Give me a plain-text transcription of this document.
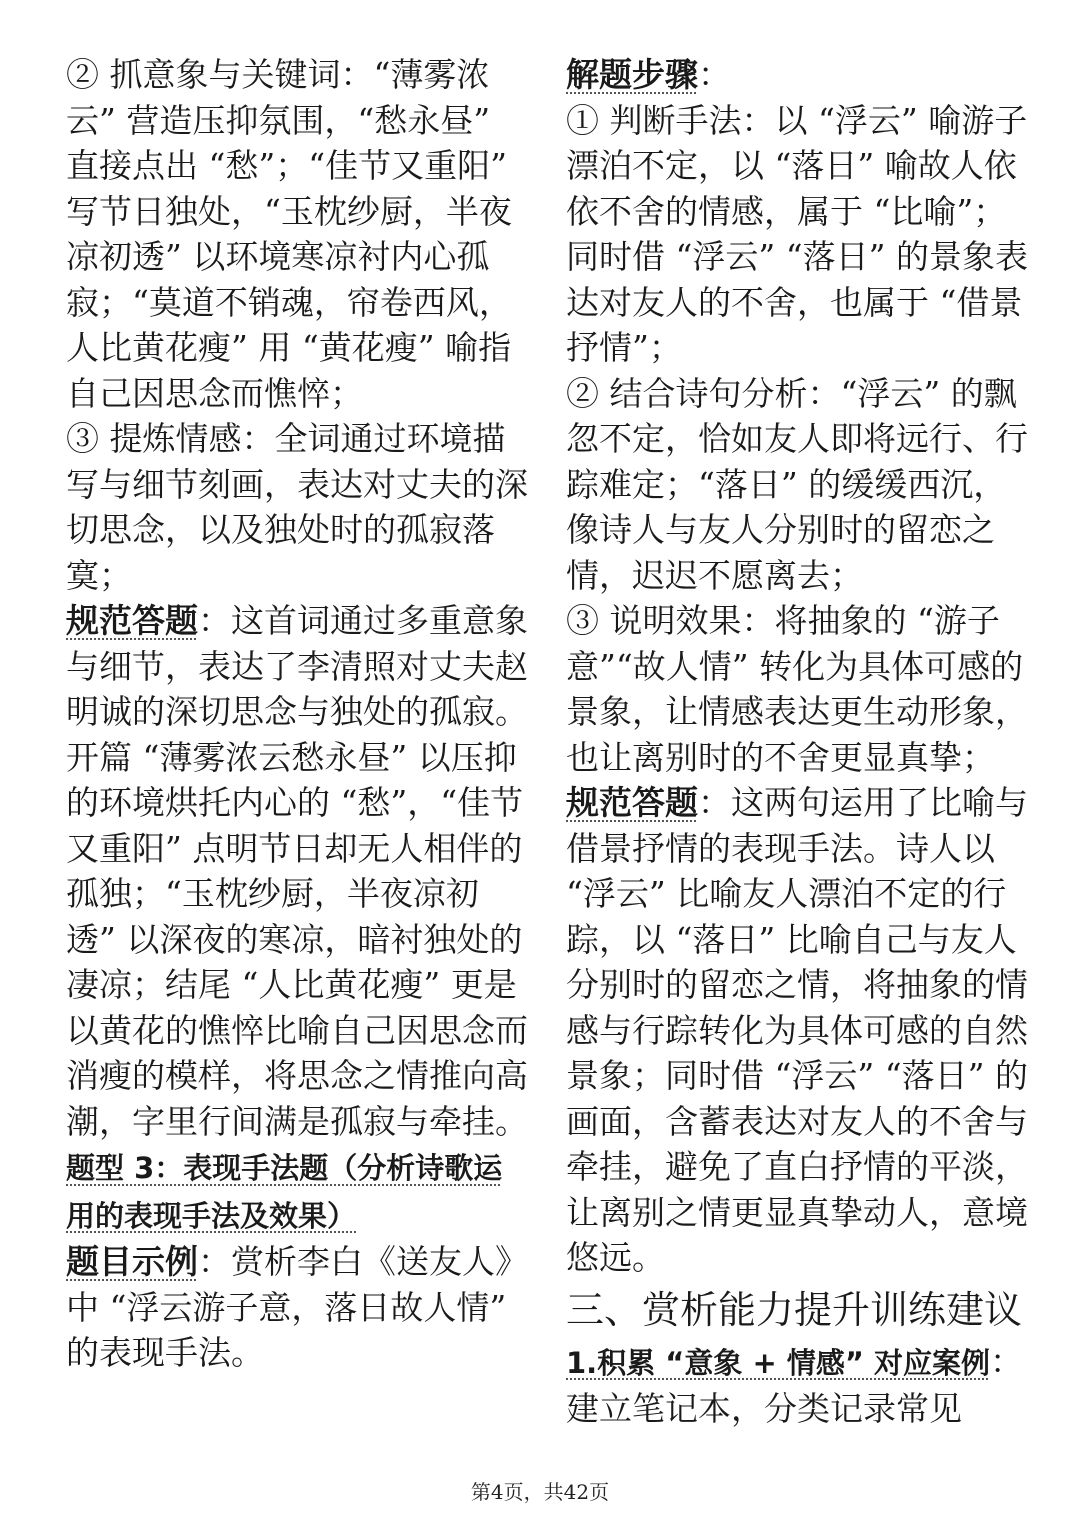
② 抓意象与关键词：“薄雾浓云” 营造压抑氛围，“愁永昼” 直接点出 “愁”；“佳节又重阳” 写节日独处，“玉枕纱厨，半夜凉初透” 以环境寒凉衬内心孤寂；“莫道不销魂，帘卷西风，人比黄花瘦” 用 “黄花瘦” 喻指自己因思念而憔悴；

③ 提炼情感：全词通过环境描写与细节刻画，表达对丈夫的深切思念，以及独处时的孤寂落寞；

规范答题：这首词通过多重意象与细节，表达了李清照对丈夫赵明诚的深切思念与独处的孤寂。开篇 “薄雾浓云愁永昼” 以压抑的环境烘托内心的 “愁”，“佳节又重阳” 点明节日却无人相伴的孤独；“玉枕纱厨，半夜凉初透” 以深夜的寒凉，暗衬独处的凄凉；结尾 “人比黄花瘦” 更是以黄花的憔悴比喻自己因思念而消瘦的模样，将思念之情推向高潮，字里行间满是孤寂与牵挂。

题型 3：表现手法题（分析诗歌运用的表现手法及效果）

题目示例：赏析李白《送友人》中 “浮云游子意，落日故人情” 的表现手法。

解题步骤：

① 判断手法：以 “浮云” 喻游子漂泊不定，以 “落日” 喻故人依依不舍的情感，属于 “比喻”；同时借 “浮云” “落日” 的景象表达对友人的不舍，也属于 “借景抒情”；

② 结合诗句分析：“浮云” 的飘忽不定，恰如友人即将远行、行踪难定；“落日” 的缓缓西沉，像诗人与友人分别时的留恋之情，迟迟不愿离去；

③ 说明效果：将抽象的 “游子意”“故人情” 转化为具体可感的景象，让情感表达更生动形象，也让离别时的不舍更显真挚；

规范答题：这两句运用了比喻与借景抒情的表现手法。诗人以 “浮云” 比喻友人漂泊不定的行踪，以 “落日” 比喻自己与友人分别时的留恋之情，将抽象的情感与行踪转化为具体可感的自然景象；同时借 “浮云” “落日” 的画面，含蓄表达对友人的不舍与牵挂，避免了直白抒情的平淡，让离别之情更显真挚动人，意境悠远。

三、赏析能力提升训练建议

1.积累 “意象 + 情感” 对应案例：建立笔记本，分类记录常见

第4页，共42页
